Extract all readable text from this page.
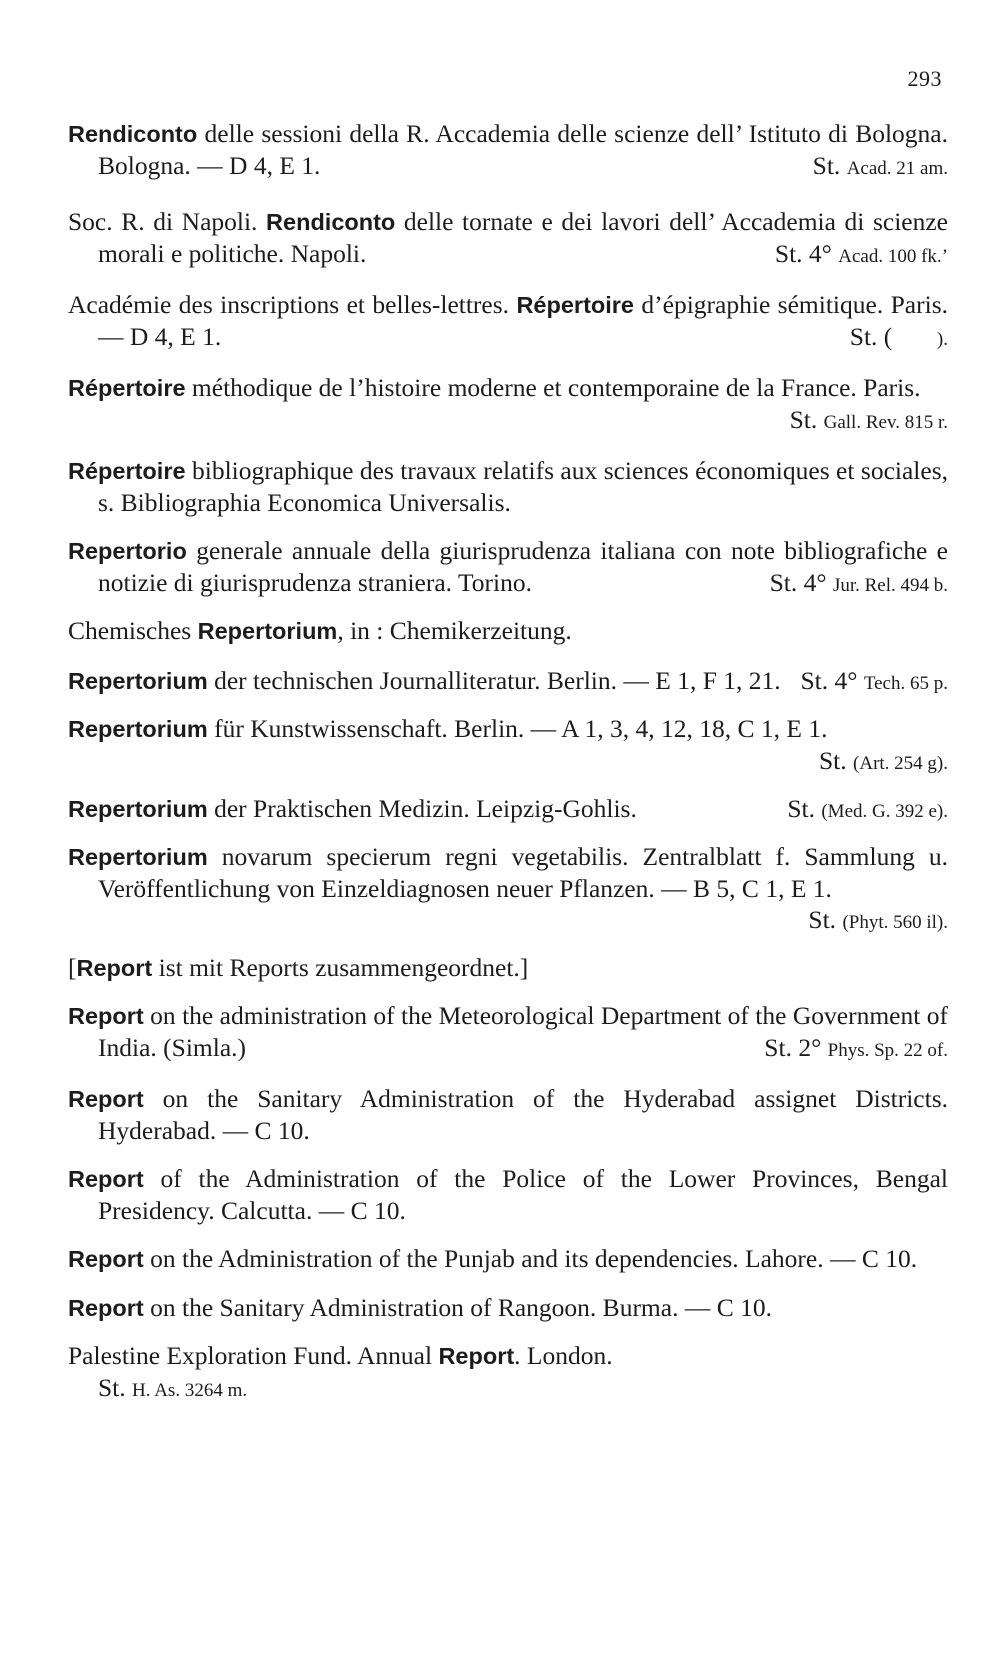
293

Rendiconto delle sessioni della R. Accademia delle scienze dell’ Istituto di Bologna. Bologna. — D 4, E 1.	St. Acad. 21 am.

Soc. R. di Napoli. Rendiconto delle tornate e dei lavori dell’ Accademia di scienze morali e politiche. Napoli.	St. 4° Acad. 100 fk.’

Académie des inscriptions et belles-lettres. Répertoire d’épigraphie sémitique. Paris. — D 4, E 1.	St. ( ).

Répertoire méthodique de l’histoire moderne et contemporaine de la France. Paris.
St. Gall. Rev. 815 r.

Répertoire bibliographique des travaux relatifs aux sciences économiques et sociales, s. Bibliographia Economica Universalis.

Repertorio generale annuale della giurisprudenza italiana con note bibliografiche e notizie di giurisprudenza straniera. Torino.	St. 4° Jur. Rel. 494 b.

Chemisches Repertorium, in : Chemikerzeitung.

Repertorium der technischen Journalliteratur. Berlin. — E 1, F 1, 21. St. 4° Tech. 65 p.

Repertorium für Kunstwissenschaft. Berlin. — A 1, 3, 4, 12, 18, C 1, E 1.
St. (Art. 254 g).

Repertorium der Praktischen Medizin. Leipzig-Gohlis.	St. (Med. G. 392 e).

Repertorium novarum specierum regni vegetabilis. Zentralblatt f. Sammlung u. Veröffentlichung von Einzeldiagnosen neuer Pflanzen. — B 5, C 1, E 1.
St. (Phyt. 560 il).

[Report ist mit Reports zusammengeordnet.]

Report on the administration of the Meteorological Department of the Government of India. (Simla.)	St. 2° Phys. Sp. 22 of.

Report on the Sanitary Administration of the Hyderabad assignet Districts. Hyderabad. — C 10.

Report of the Administration of the Police of the Lower Provinces, Bengal Presidency. Calcutta. — C 10.

Report on the Administration of the Punjab and its dependencies. Lahore. — C 10.

Report on the Sanitary Administration of Rangoon. Burma. — C 10.

Palestine Exploration Fund. Annual Report. London.
St. H. As. 3264 m.
